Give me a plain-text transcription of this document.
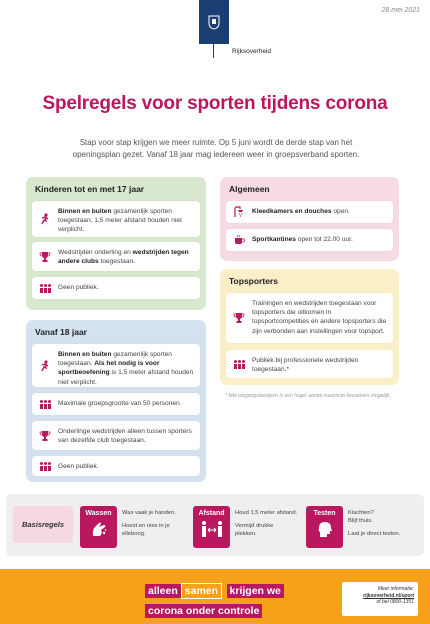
28 mei 2021
Rijksoverheid
Spelregels voor sporten tijdens corona
Stap voor stap krijgen we meer ruimte. Op 5 juni wordt de derde stap van het openingsplan gezet. Vanaf 18 jaar mag iedereen weer in groepsverband sporten.
Kinderen tot en met 17 jaar
Binnen en buiten gezamenlijk sporten toegestaan, 1,5 meter afstand houden niet verplicht.
Wedstrijden onderling en wedstrijden tegen andere clubs toegestaan.
Geen publiek.
Vanaf 18 jaar
Binnen en buiten gezamenlijk sporten toegestaan. Als het nodig is voor sportbeoefening is 1,5 meter afstand houden niet verplicht.
Maximale groepsgrootte van 50 personen.
Onderlinge wedstrijden alleen tussen sporters van dezelfde club toegestaan.
Geen publiek.
Algemeen
Kleedkamers en douches open.
Sportkantines open tot 22.00 uur.
Topsporters
Trainingen en wedstrijden toegestaan voor topsporters die uitkomen in topsportcompetities en andere topsporters die zijn verbonden aan instellingen voor topsport.
Publiek bij professionele wedstrijden toegestaan.*
* Met toegangsbewijzen is een hoger aantal maximum bezoekers mogelijk.
Basisregels
Wassen	Was vaak je handen.
Hoest en nies in je elleboog.
Afstand	Houd 1,5 meter afstand.
Vermijd drukke plekken.
Testen	Klachten? Blijf thuis.
Laat je direct testen.
alleen samen krijgen we
corona onder controle
Meer informatie:
rijksoverheid.nl/sport
of bel 0800-1351
